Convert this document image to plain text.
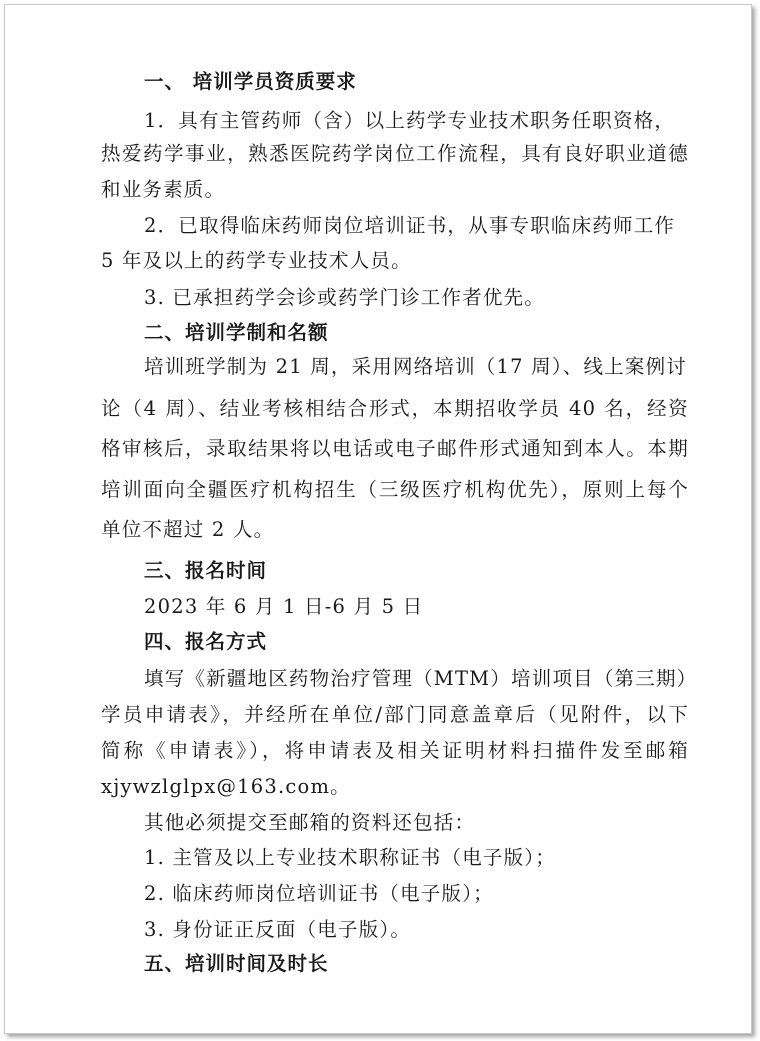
一、 培训学员资质要求
1．具有主管药师（含）以上药学专业技术职务任职资格，
热爱药学事业，熟悉医院药学岗位工作流程，具有良好职业道德
和业务素质。
2．已取得临床药师岗位培训证书，从事专职临床药师工作
5 年及以上的药学专业技术人员。
3. 已承担药学会诊或药学门诊工作者优先。
二、培训学制和名额
培训班学制为 21 周，采用网络培训（17 周）、线上案例讨
论（4 周）、结业考核相结合形式，本期招收学员 40 名，经资
格审核后，录取结果将以电话或电子邮件形式通知到本人。本期
培训面向全疆医疗机构招生（三级医疗机构优先），原则上每个
单位不超过 2 人。
三、报名时间
2023 年 6 月 1 日-6 月 5 日
四、报名方式
填写《新疆地区药物治疗管理（MTM）培训项目（第三期）
学员申请表》，并经所在单位/部门同意盖章后（见附件，以下
简称《申请表》），将申请表及相关证明材料扫描件发至邮箱
xjywzlglpx@163.com。
其他必须提交至邮箱的资料还包括：
1. 主管及以上专业技术职称证书（电子版）；
2. 临床药师岗位培训证书（电子版）；
3. 身份证正反面（电子版）。
五、培训时间及时长
